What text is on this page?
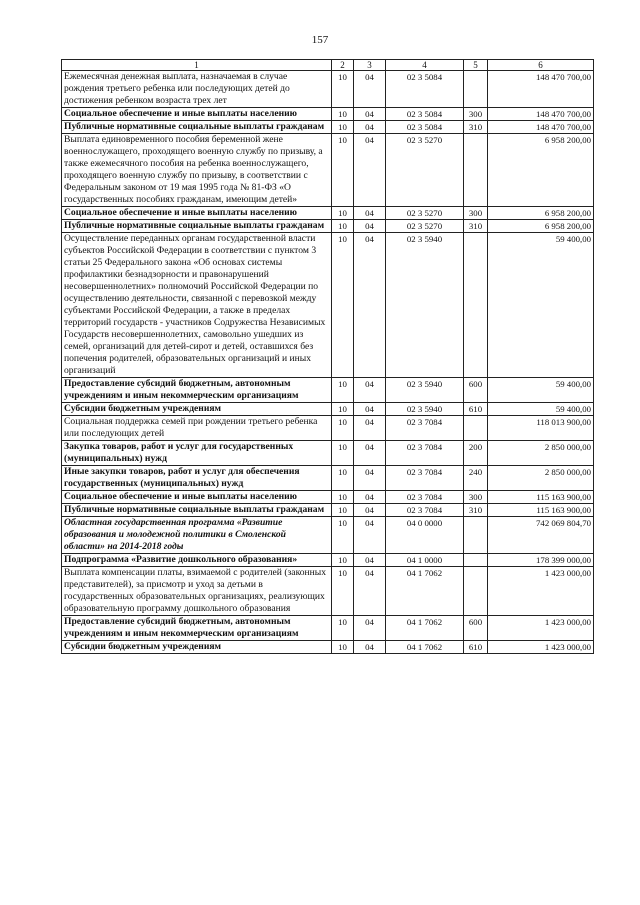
157
1	2	3	4	5	6
Ежемесячная денежная выплата, назначаемая в случае рождения третьего ребенка или последующих детей до достижения ребенком возраста трех лет	10	04	02 3 5084		148 470 700,00
Социальное обеспечение и иные выплаты населению	10	04	02 3 5084	300	148 470 700,00
Публичные нормативные социальные выплаты гражданам	10	04	02 3 5084	310	148 470 700,00
Выплата единовременного пособия беременной жене военнослужащего, проходящего военную службу по призыву, а также ежемесячного пособия на ребенка военнослужащего, проходящего военную службу по призыву, в соответствии с Федеральным законом от 19 мая 1995 года № 81-ФЗ «О государственных пособиях гражданам, имеющим детей»	10	04	02 3 5270		6 958 200,00
Социальное обеспечение и иные выплаты населению	10	04	02 3 5270	300	6 958 200,00
Публичные нормативные социальные выплаты гражданам	10	04	02 3 5270	310	6 958 200,00
Осуществление переданных органам государственной власти субъектов Российской Федерации в соответствии с пунктом 3 статьи 25 Федерального закона «Об основах системы профилактики безнадзорности и правонарушений несовершеннолетних» полномочий Российской Федерации по осуществлению деятельности, связанной с перевозкой между субъектами Российской Федерации, а также в пределах территорий государств - участников Содружества Независимых Государств несовершеннолетних, самовольно ушедших из семей, организаций для детей-сирот и детей, оставшихся без попечения родителей, образовательных организаций и иных организаций	10	04	02 3 5940		59 400,00
Предоставление субсидий бюджетным, автономным учреждениям и иным некоммерческим организациям	10	04	02 3 5940	600	59 400,00
Субсидии бюджетным учреждениям	10	04	02 3 5940	610	59 400,00
Социальная поддержка семей при рождении третьего ребенка или последующих детей	10	04	02 3 7084		118 013 900,00
Закупка товаров, работ и услуг для государственных (муниципальных) нужд	10	04	02 3 7084	200	2 850 000,00
Иные закупки товаров, работ и услуг для обеспечения государственных (муниципальных) нужд	10	04	02 3 7084	240	2 850 000,00
Социальное обеспечение и иные выплаты населению	10	04	02 3 7084	300	115 163 900,00
Публичные нормативные социальные выплаты гражданам	10	04	02 3 7084	310	115 163 900,00
Областная государственная программа «Развитие образования и молодежной политики в Смоленской области» на 2014-2018 годы	10	04	04 0 0000		742 069 804,70
Подпрограмма «Развитие дошкольного образования»	10	04	04 1 0000		178 399 000,00
Выплата компенсации платы, взимаемой с родителей (законных представителей), за присмотр и уход за детьми в государственных образовательных организациях, реализующих образовательную программу дошкольного образования	10	04	04 1 7062		1 423 000,00
Предоставление субсидий бюджетным, автономным учреждениям и иным некоммерческим организациям	10	04	04 1 7062	600	1 423 000,00
Субсидии бюджетным учреждениям	10	04	04 1 7062	610	1 423 000,00
